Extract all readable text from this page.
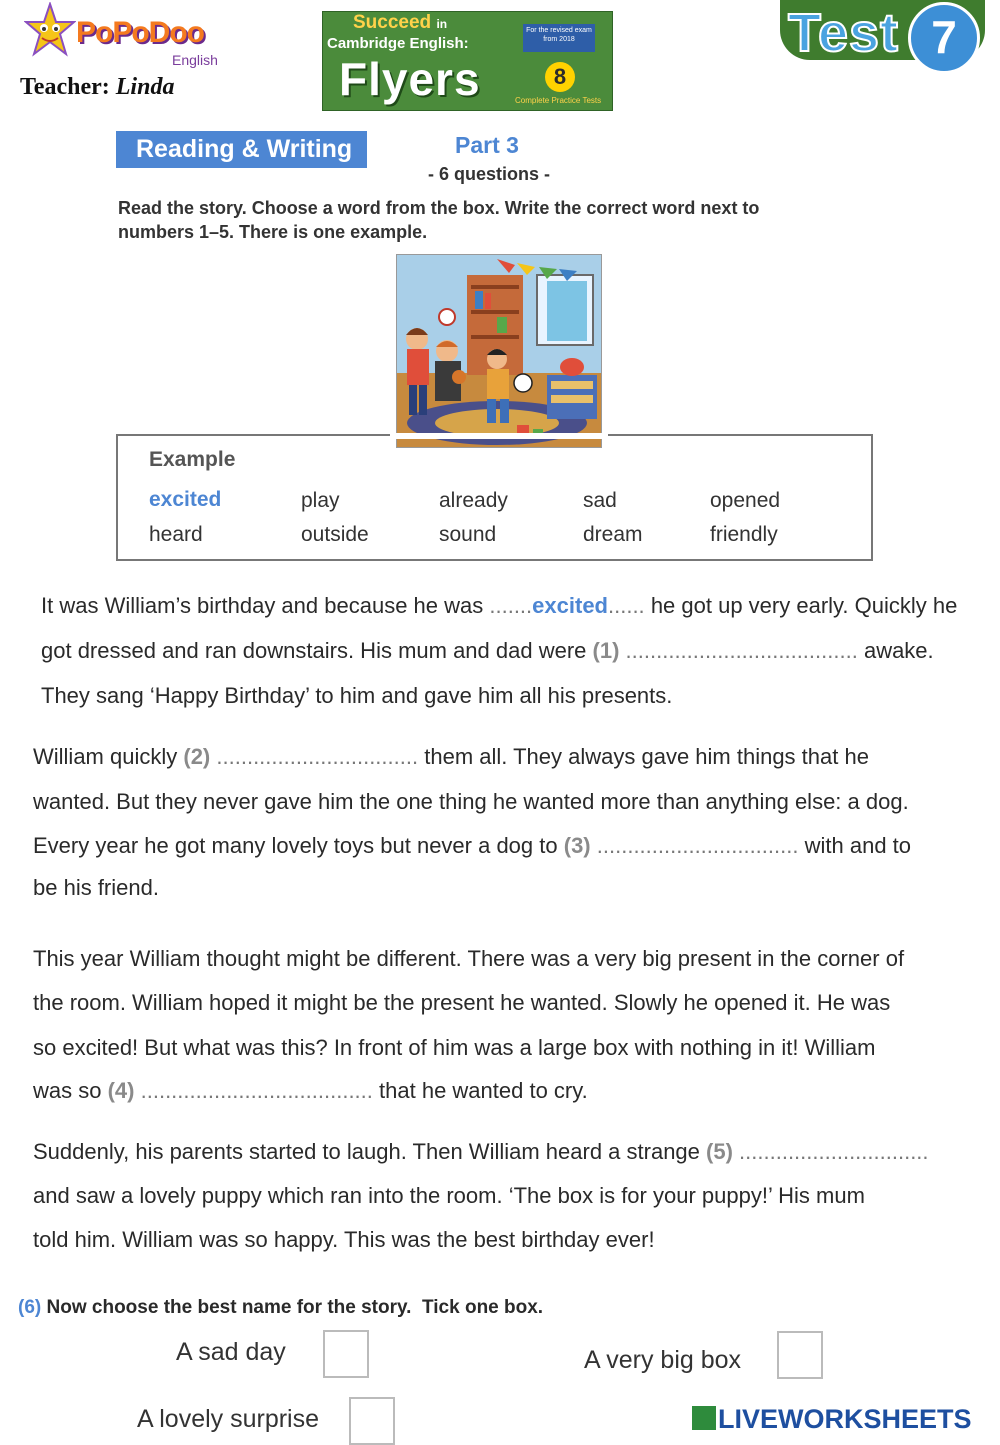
PoPoDoo
English
Teacher: Linda
Succeed in
Cambridge English:
Flyers
For the revised exam from 2018
8
Complete Practice Tests
Test 7
Reading & Writing	Part 3
- 6 questions -
Read the story. Choose a word from the box. Write the correct word next to numbers 1–5. There is one example.
Example
excited	play	already	sad	opened
heard	outside	sound	dream	friendly
It was William’s birthday and because he was .......excited...... he got up very early. Quickly he
got dressed and ran downstairs. His mum and dad were (1) ...................................... awake.
They sang ‘Happy Birthday’ to him and gave him all his presents.
William quickly (2) ................................. them all. They always gave him things that he
wanted. But they never gave him the one thing he wanted more than anything else: a dog.
Every year he got many lovely toys but never a dog to (3) ................................. with and to
be his friend.
This year William thought might be different. There was a very big present in the corner of
the room. William hoped it might be the present he wanted. Slowly he opened it. He was
so excited! But what was this? In front of him was a large box with nothing in it! William
was so (4) ...................................... that he wanted to cry.
Suddenly, his parents started to laugh. Then William heard a strange (5) ...............................
and saw a lovely puppy which ran into the room. ‘The box is for your puppy!’ His mum
told him. William was so happy. This was the best birthday ever!
(6) Now choose the best name for the story. Tick one box.
A sad day	A very big box
A lovely surprise	LIVEWORKSHEETS
